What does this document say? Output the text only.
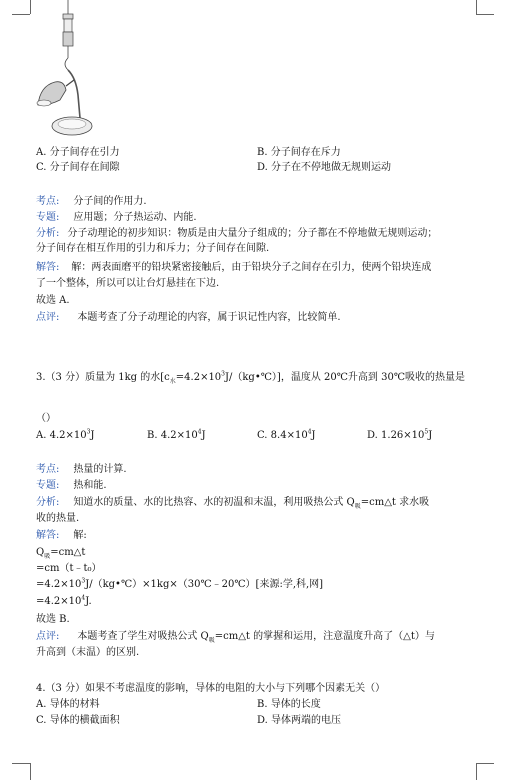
A. 分子间存在引力	B. 分子间存在斥力
C. 分子间存在间隙	D. 分子在不停地做无规则运动
考点: 分子间的作用力.
专题: 应用题；分子热运动、内能.
分析: 分子动理论的初步知识：物质是由大量分子组成的；分子都在不停地做无规则运动；
分子间存在相互作用的引力和斥力；分子间存在间隙.
解答: 解：两表面磨平的铅块紧密接触后，由于铅块分子之间存在引力，使两个铅块连成
了一个整体，所以可以让台灯悬挂在下边.
故选 A.
点评: 本题考查了分子动理论的内容，属于识记性内容，比较简单.
3.（3 分）质量为 1kg 的水$[c_水=4.2\times 10^3J/(kg•℃)]$，温度从 20℃升高到 30℃吸收的热量是
（）
A. $4.2\times 10^3J$	B. $4.2\times 10^4J$	C. $8.4\times 10^4J$	D. $1.26\times 10^5J$
考点: 热量的计算.
专题: 热和能.
分析: 知道水的质量、水的比热容、水的初温和末温，利用吸热公式 $Q_吸=cm\triangle t$ 求水吸
收的热量.
解答: 解:
$Q_吸=cm\triangle t$
=cm（t﹣t₀）
$=4.2\times 10^3J/(kg•℃)\times 1kg\times(30℃﹣20℃)$[来源:学,科,网]
$=4.2\times 10^4J$.
故选 B.
点评: 本题考查了学生对吸热公式 $Q_吸=cm\triangle t$ 的掌握和运用，注意温度升高了（△t）与
升高到（末温）的区别.
4.（3 分）如果不考虑温度的影响，导体的电阻的大小与下列哪个因素无关（）
A. 导体的材料	B. 导体的长度
C. 导体的横截面积	D. 导体两端的电压
